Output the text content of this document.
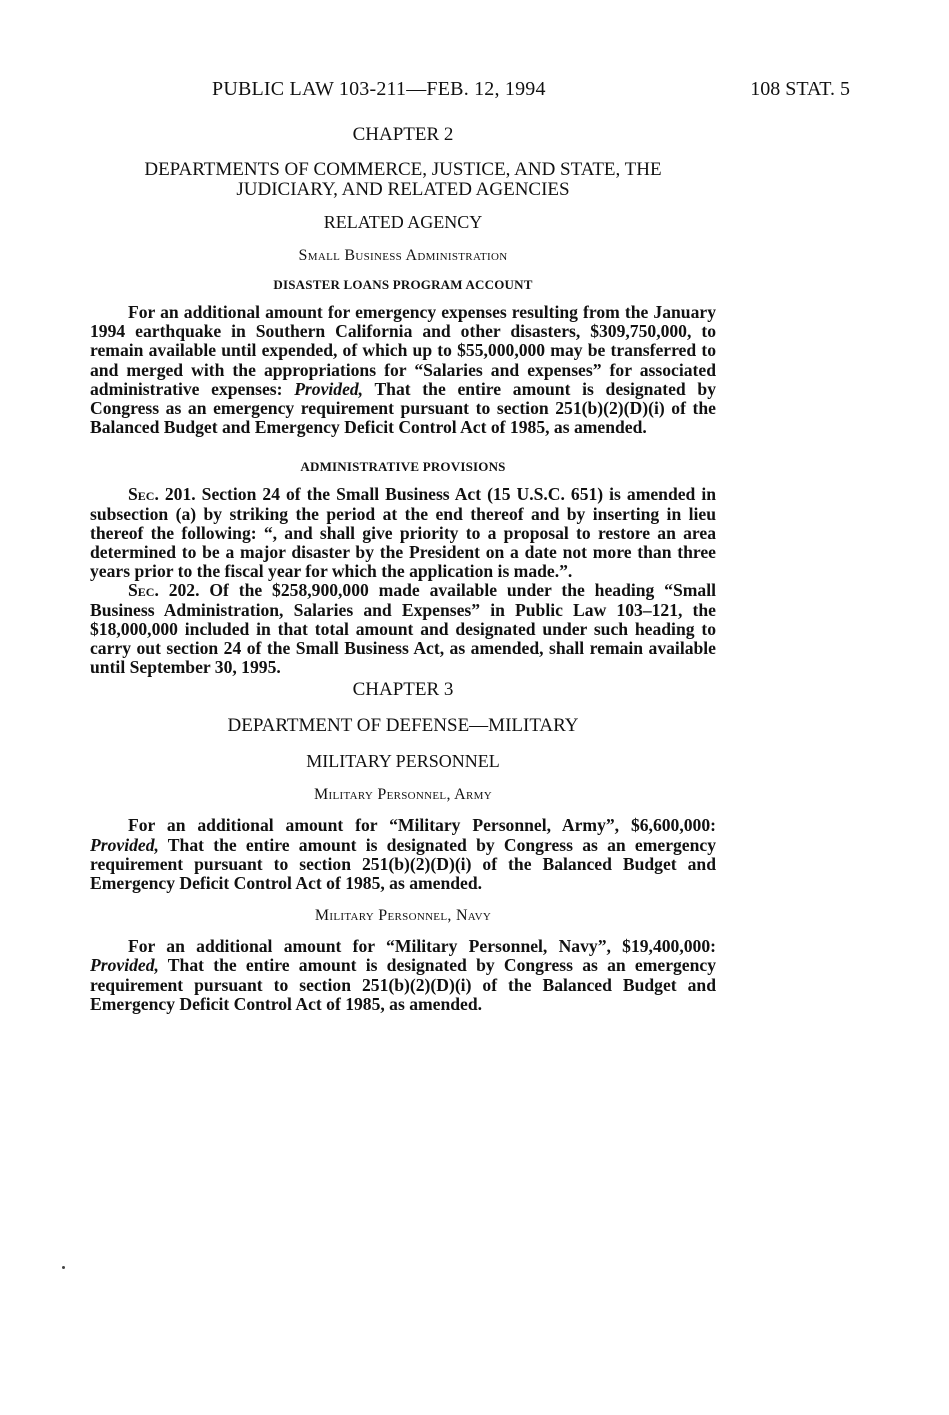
PUBLIC LAW 103-211—FEB. 12, 1994	108 STAT. 5
CHAPTER 2
DEPARTMENTS OF COMMERCE, JUSTICE, AND STATE, THE
JUDICIARY, AND RELATED AGENCIES
RELATED AGENCY
Small Business Administration
DISASTER LOANS PROGRAM ACCOUNT

For an additional amount for emergency expenses resulting from the January 1994 earthquake in Southern California and other disasters, $309,750,000, to remain available until expended, of which up to $55,000,000 may be transferred to and merged with the appropriations for “Salaries and expenses” for associated administrative expenses: Provided, That the entire amount is designated by Congress as an emergency requirement pursuant to section 251(b)(2)(D)(i) of the Balanced Budget and Emergency Deficit Control Act of 1985, as amended.

ADMINISTRATIVE PROVISIONS

Sec. 201. Section 24 of the Small Business Act (15 U.S.C. 651) is amended in subsection (a) by striking the period at the end thereof and by inserting in lieu thereof the following: “, and shall give priority to a proposal to restore an area determined to be a major disaster by the President on a date not more than three years prior to the fiscal year for which the application is made.”.

Sec. 202. Of the $258,900,000 made available under the heading “Small Business Administration, Salaries and Expenses” in Public Law 103–121, the $18,000,000 included in that total amount and designated under such heading to carry out section 24 of the Small Business Act, as amended, shall remain available until September 30, 1995.

CHAPTER 3
DEPARTMENT OF DEFENSE—MILITARY
MILITARY PERSONNEL
Military Personnel, Army

For an additional amount for “Military Personnel, Army”, $6,600,000: Provided, That the entire amount is designated by Congress as an emergency requirement pursuant to section 251(b)(2)(D)(i) of the Balanced Budget and Emergency Deficit Control Act of 1985, as amended.

Military Personnel, Navy

For an additional amount for “Military Personnel, Navy”, $19,400,000: Provided, That the entire amount is designated by Congress as an emergency requirement pursuant to section 251(b)(2)(D)(i) of the Balanced Budget and Emergency Deficit Control Act of 1985, as amended.
